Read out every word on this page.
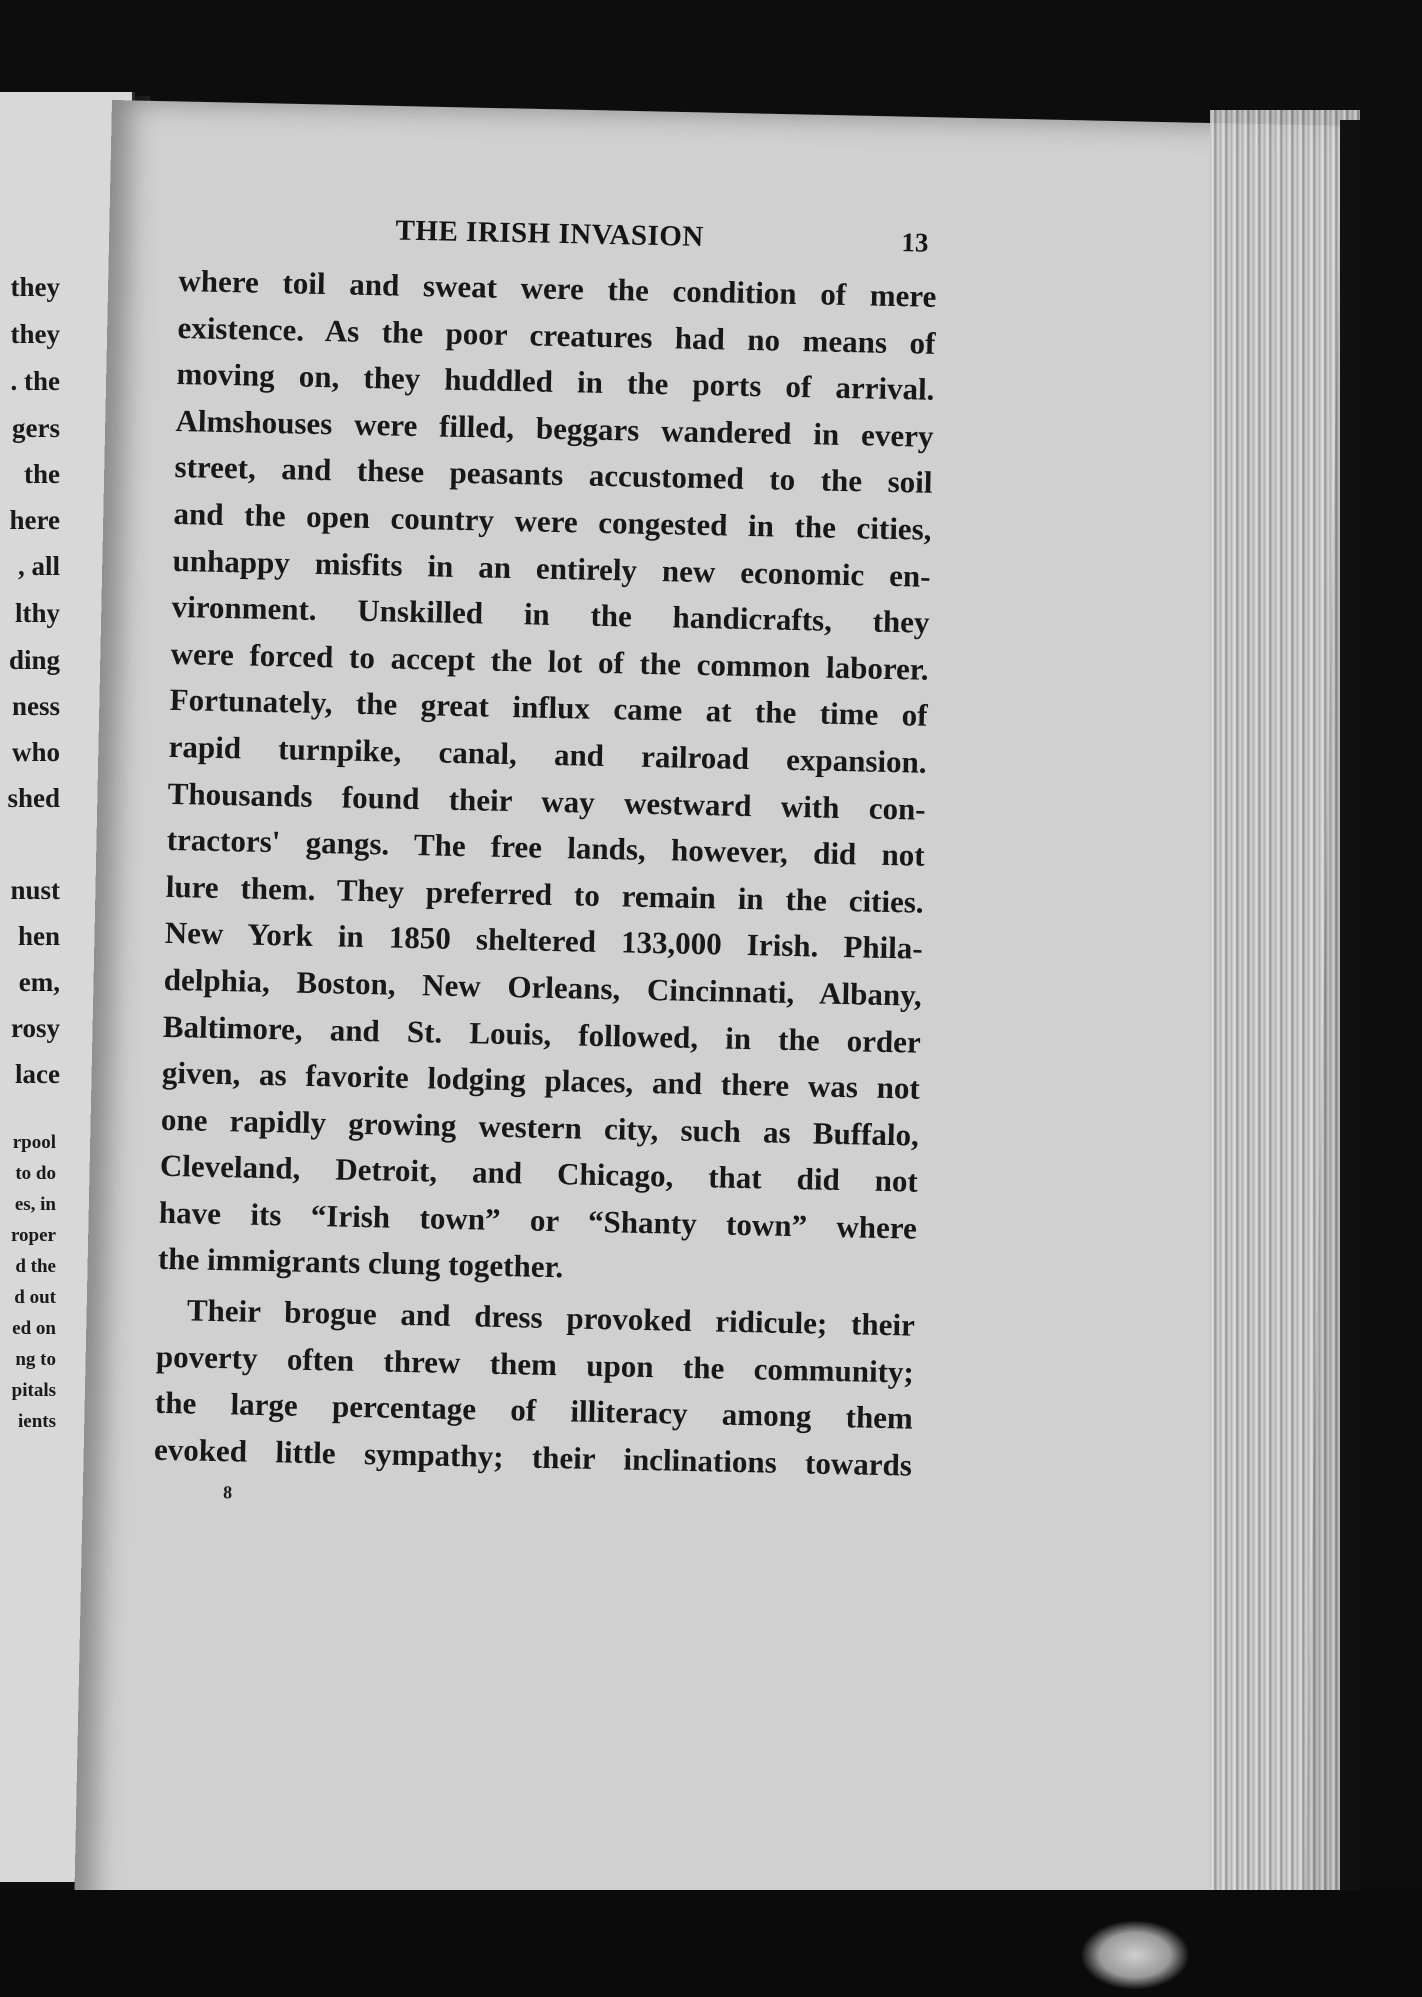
they
they
. the
gers
the
here
, all
lthy
ding
ness
who
shed
nust
hen
em,
rosy
lace
rpool
to do
es, in
roper
d the
d out
ed on
ng to
pitals
ients
THE IRISH INVASION	13
where toil and sweat were the condition of mere
existence. As the poor creatures had no means of
moving on, they huddled in the ports of arrival.
Almshouses were filled, beggars wandered in every
street, and these peasants accustomed to the soil
and the open country were congested in the cities,
unhappy misfits in an entirely new economic en-
vironment. Unskilled in the handicrafts, they
were forced to accept the lot of the common laborer.
Fortunately, the great influx came at the time of
rapid turnpike, canal, and railroad expansion.
Thousands found their way westward with con-
tractors' gangs. The free lands, however, did not
lure them. They preferred to remain in the cities.
New York in 1850 sheltered 133,000 Irish. Phila-
delphia, Boston, New Orleans, Cincinnati, Albany,
Baltimore, and St. Louis, followed, in the order
given, as favorite lodging places, and there was not
one rapidly growing western city, such as Buffalo,
Cleveland, Detroit, and Chicago, that did not
have its “Irish town” or “Shanty town” where
the immigrants clung together.
Their brogue and dress provoked ridicule; their
poverty often threw them upon the community;
the large percentage of illiteracy among them
evoked little sympathy; their inclinations towards
8
